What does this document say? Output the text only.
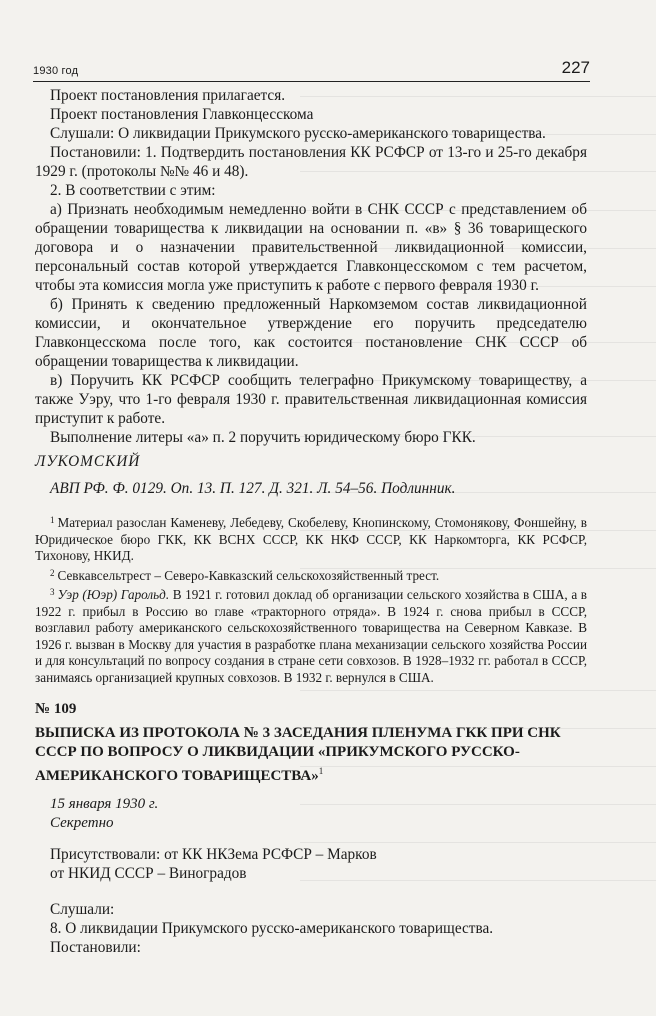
1930 год	227

Проект постановления прилагается.

Проект постановления Главконцесскома

Слушали: О ликвидации Прикумского русско-американского товарищества.

Постановили: 1. Подтвердить постановления КК РСФСР от 13-го и 25-го декабря 1929 г. (протоколы №№ 46 и 48).

2. В соответствии с этим:

а) Признать необходимым немедленно войти в СНК СССР с представлением об обращении товарищества к ликвидации на основании п. «в» § 36 товарищеского договора и о назначении правительственной ликвидационной комиссии, персональный состав которой утверждается Главконцесскомом с тем расчетом, чтобы эта комиссия могла уже приступить к работе с первого февраля 1930 г.

б) Принять к сведению предложенный Наркомземом состав ликвидационной комиссии, и окончательное утверждение его поручить председателю Главконцесскома после того, как состоится постановление СНК СССР об обращении товарищества к ликвидации.

в) Поручить КК РСФСР сообщить телеграфно Прикумскому товариществу, а также Уэру, что 1-го февраля 1930 г. правительственная ликвидационная комиссия приступит к работе.

Выполнение литеры «а» п. 2 поручить юридическому бюро ГКК.

ЛУКОМСКИЙ

АВП РФ. Ф. 0129. Оп. 13. П. 127. Д. 321. Л. 54–56. Подлинник.

$^1$ Материал разослан Каменеву, Лебедеву, Скобелеву, Кнопинскому, Стомонякову, Фоншейну, в Юридическое бюро ГКК, КК ВСНХ СССР, КК НКФ СССР, КК Наркомторга, КК РСФСР, Тихонову, НКИД.

$^2$ Севкавсельтрест – Северо-Кавказский сельскохозяйственный трест.

$^3$ Уэр (Юэр) Гарольд. В 1921 г. готовил доклад об организации сельского хозяйства в США, а в 1922 г. прибыл в Россию во главе «тракторного отряда». В 1924 г. снова прибыл в СССР, возглавил работу американского сельскохозяйственного товарищества на Северном Кавказе. В 1926 г. вызван в Москву для участия в разработке плана механизации сельского хозяйства России и для консультаций по вопросу создания в стране сети совхозов. В 1928–1932 гг. работал в СССР, занимаясь организацией крупных совхозов. В 1932 г. вернулся в США.

№ 109

ВЫПИСКА ИЗ ПРОТОКОЛА № 3 ЗАСЕДАНИЯ ПЛЕНУМА ГКК ПРИ СНК СССР ПО ВОПРОСУ О ЛИКВИДАЦИИ «ПРИКУМСКОГО РУССКО-АМЕРИКАНСКОГО ТОВАРИЩЕСТВА»$^1$

15 января 1930 г.

Секретно

Присутствовали: от КК НКЗема РСФСР – Марков

от НКИД СССР – Виноградов

Слушали:

8. О ликвидации Прикумского русско-американского товарищества.

Постановили:
